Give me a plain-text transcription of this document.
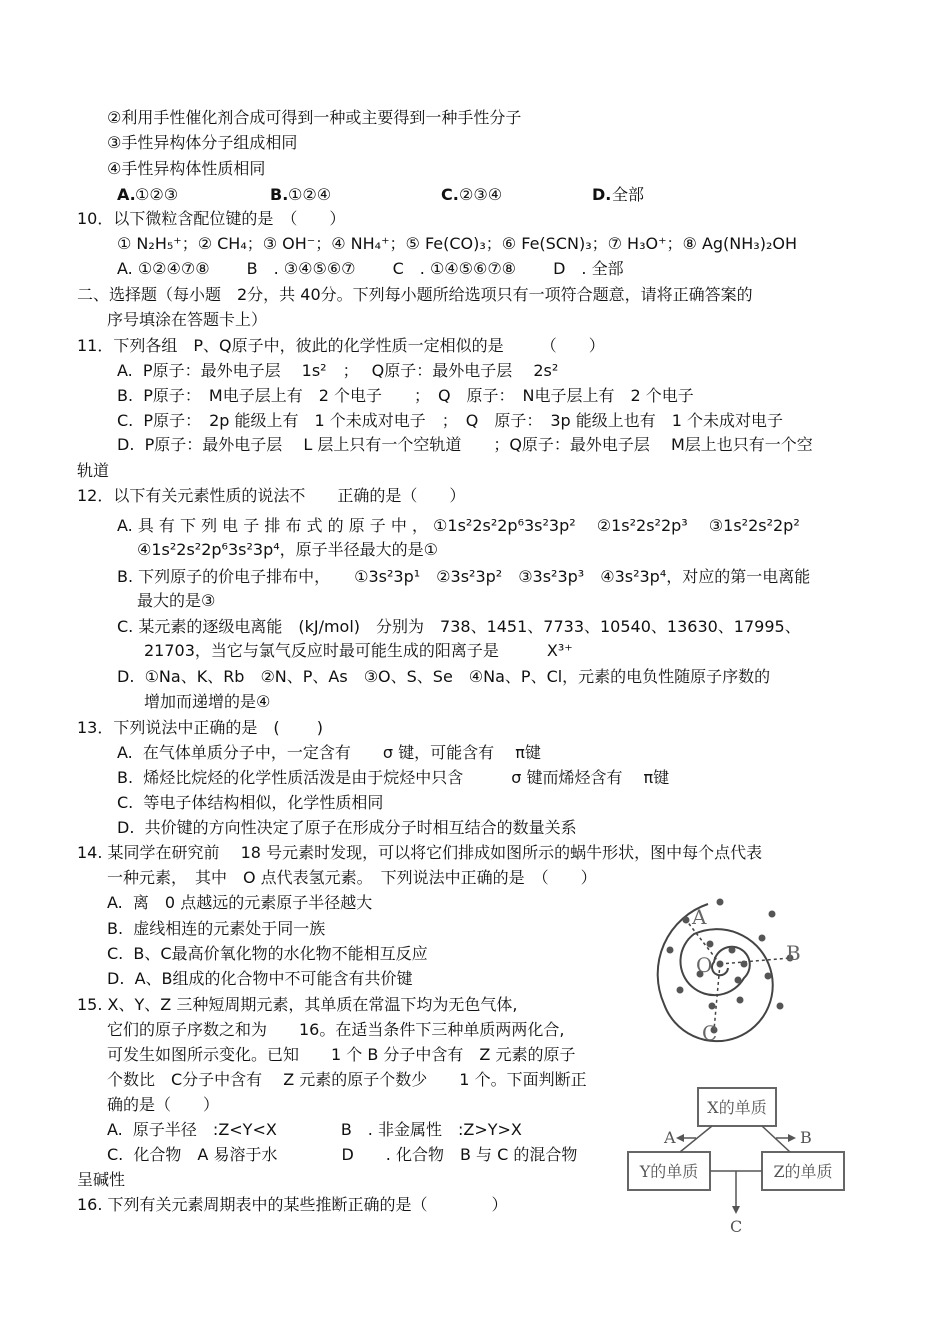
②利用手性催化剂合成可得到一种或主要得到一种手性分子
③手性异构体分子组成相同
④手性异构体性质相同
A. ①②③	B. ①②④	C. ②③④	D. 全部
10．以下微粒含配位键的是　（　　）
① N₂H₅⁺；② CH₄；③ OH⁻；④ NH₄⁺；⑤ Fe(CO)₃；⑥ Fe(SCN)₃；⑦ H₃O⁺；⑧ Ag(NH₃)₂OH
A. ①②④⑦⑧　　 B　. ③④⑤⑥⑦　　 C　. ①④⑤⑥⑦⑧　　 D　. 全部
二、选择题（每小题　2分，共 40分。下列每小题所给选项只有一项符合题意，请将正确答案的
序号填涂在答题卡上）
11．下列各组　P、Q原子中，彼此的化学性质一定相似的是　　 （　　）
A.  P原子：最外电子层　 1s²　；　 Q原子：最外电子层　 2s²
B.  P原子：　M电子层上有　2 个电子　　；　Q　原子：　N电子层上有　2 个电子
C.  P原子：　2p 能级上有　1 个未成对电子　；　Q　原子：　3p 能级上也有　1 个未成对电子
D.  P原子：最外电子层　 L 层上只有一个空轨道　　；Q原子：最外电子层　 M层上也只有一个空
轨道
12．以下有关元素性质的说法不　　正确的是（　　）
A. 具 有 下 列 电 子 排 布 式 的 原 子 中 ， ①1s²2s²2p⁶3s²3p²　 ②1s²2s²2p³　 ③1s²2s²2p²
④1s²2s²2p⁶3s²3p⁴，原子半径最大的是①
B. 下列原子的价电子排布中，　　①3s²3p¹　②3s²3p²　③3s²3p³　④3s²3p⁴，对应的第一电离能
最大的是③
C. 某元素的逐级电离能　(kJ/mol)　分别为　738、1451、7733、10540、13630、17995、
21703，当它与氯气反应时最可能生成的阳离子是　　　X³⁺
D.  ①Na、K、Rb　②N、P、As　③O、S、Se　④Na、P、Cl，元素的电负性随原子序数的
增加而递增的是④
13．下列说法中正确的是　(　　 )
A.  在气体单质分子中，一定含有　　σ 键，可能含有　 π键
B.  烯烃比烷烃的化学性质活泼是由于烷烃中只含　　　σ 键而烯烃含有　 π键
C.  等电子体结构相似，化学性质相同
D.  共价键的方向性决定了原子在形成分子时相互结合的数量关系
14. 某同学在研究前　 18 号元素时发现，可以将它们排成如图所示的蜗牛形状，图中每个点代表
一种元素，　其中　O 点代表氢元素。　下列说法中正确的是　（　　）
A.  离　0 点越远的元素原子半径越大
B.  虚线相连的元素处于同一族
C.  B、C最高价氧化物的水化物不能相互反应
D.  A、B组成的化合物中不可能含有共价键
15. X、Y、Z 三种短周期元素，其单质在常温下均为无色气体,
它们的原子序数之和为　　16。在适当条件下三种单质两两化合,
可发生如图所示变化。已知　　1 个 B 分子中含有　Z 元素的原子
个数比　C分子中含有　 Z 元素的原子个数少　　1 个。下面判断正
确的是（　　）
A.  原子半径　:Z<Y<X　　　　B　. 非金属性　:Z>Y>X
C.  化合物　A 易溶于水　　　　D　　. 化合物　B 与 C 的混合物
呈碱性
16. 下列有关元素周期表中的某些推断正确的是（　　　　）
A
B
C
O
X的单质
Y的单质	Z的单质
A	B
C
